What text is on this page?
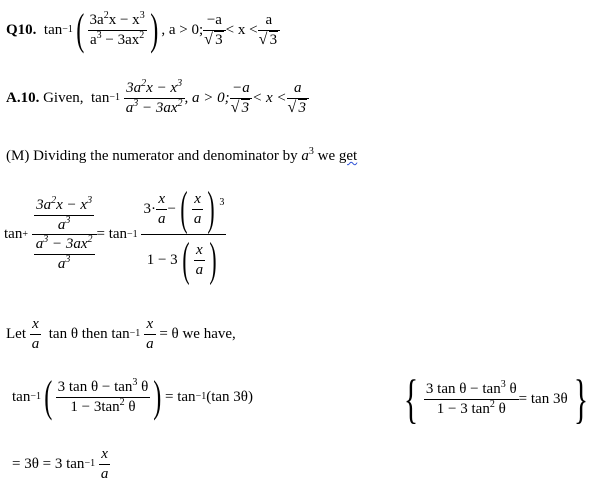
Q10.
tan −1 ( $\frac{3a^2x - x^3}{a^3 - 3ax^2}$ ) , a > 0; −a
√ 3 < x < a
√ 3
A.10.
Given,
tan −1
$\frac{3a^2x - x^3}{a^3 - 3ax^2}$ , a > 0; −a
√ 3 < x < a
√ 3
(M) Dividing the numerator and denominator by $a^3$ we get
tan +
$\frac{\frac{3a^2x - x^3}{a^3}}{\frac{a^3 - 3ax^2}{a^3}} = \tan -1$

$3\cdot \frac{x}{a}$ − ( $\frac{x}{a}$ ) $^3$
1 − 3 ( $\frac{x}{a}$ )
Let
$\frac{x}{a}$
tan θ then tan −1
$\frac{x}{a}$
= θ we have,
tan −1 ( $\frac{3 \tan \theta - \tan^3 \theta}{1 - 3\tan^2 \theta}$ ) = tan −1 (tan 3θ)	{ $\frac{3 \tan \theta - \tan^3 \theta}{1 - 3 \tan^2 \theta} = \tan 3\theta$ }
= 3θ = 3 tan −1
$\frac{x}{a}$
